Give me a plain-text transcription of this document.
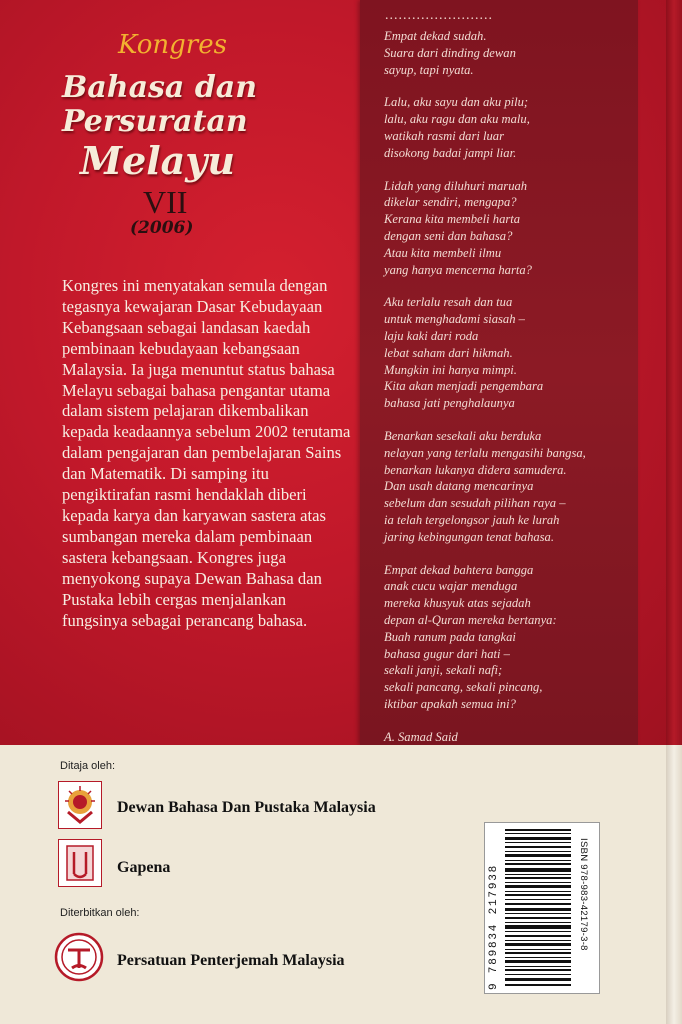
Kongres
Bahasa dan
Persuratan
Melayu
VII
(2006)
Kongres ini menyatakan semula dengan tegasnya kewajaran Dasar Kebudayaan Kebangsaan sebagai landasan kaedah pembinaan kebudayaan kebangsaan Malaysia. Ia juga menuntut status bahasa Melayu sebagai bahasa pengantar utama dalam sistem pelajaran dikembalikan kepada keadaannya sebelum 2002 terutama dalam pengajaran dan pembelajaran Sains dan Matematik. Di samping itu pengiktirafan rasmi hendaklah diberi kepada karya dan karyawan sastera atas sumbangan mereka dalam pembinaan sastera kebangsaan. Kongres juga menyokong supaya Dewan Bahasa dan Pustaka lebih cergas menjalankan fungsinya sebagai perancang bahasa.
........................
Empat dekad sudah.
Suara dari dinding dewan
sayup, tapi nyata.
Lalu, aku sayu dan aku pilu;
lalu, aku ragu dan aku malu,
watikah rasmi dari luar
disokong badai jampi liar.
Lidah yang diluhuri maruah
dikelar sendiri, mengapa?
Kerana kita membeli harta
dengan seni dan bahasa?
Atau kita membeli ilmu
yang hanya mencerna harta?
Aku terlalu resah dan tua
untuk menghadami siasah –
laju kaki dari roda
lebat saham dari hikmah.
Mungkin ini hanya mimpi.
Kita akan menjadi pengembara
bahasa jati penghalaunya
Benarkan sesekali aku berduka
nelayan yang terlalu mengasihi bangsa,
benarkan lukanya didera samudera.
Dan usah datang mencarinya
sebelum dan sesudah pilihan raya –
ia telah tergelongsor jauh ke lurah
jaring kebingungan tenat bahasa.
Empat dekad bahtera bangga
anak cucu wajar menduga
mereka khusyuk atas sejadah
depan al-Quran mereka bertanya:
Buah ranum pada tangkai
bahasa gugur dari hati –
sekali janji, sekali nafi;
sekali pancang, sekali pincang,
iktibar apakah semua ini?
A. Samad Said

Ditaja oleh:
Dewan Bahasa Dan Pustaka Malaysia
Gapena
Diterbitkan oleh:
Persatuan Penterjemah Malaysia
ISBN 978-983-42179-3-8
9 789834 217938
